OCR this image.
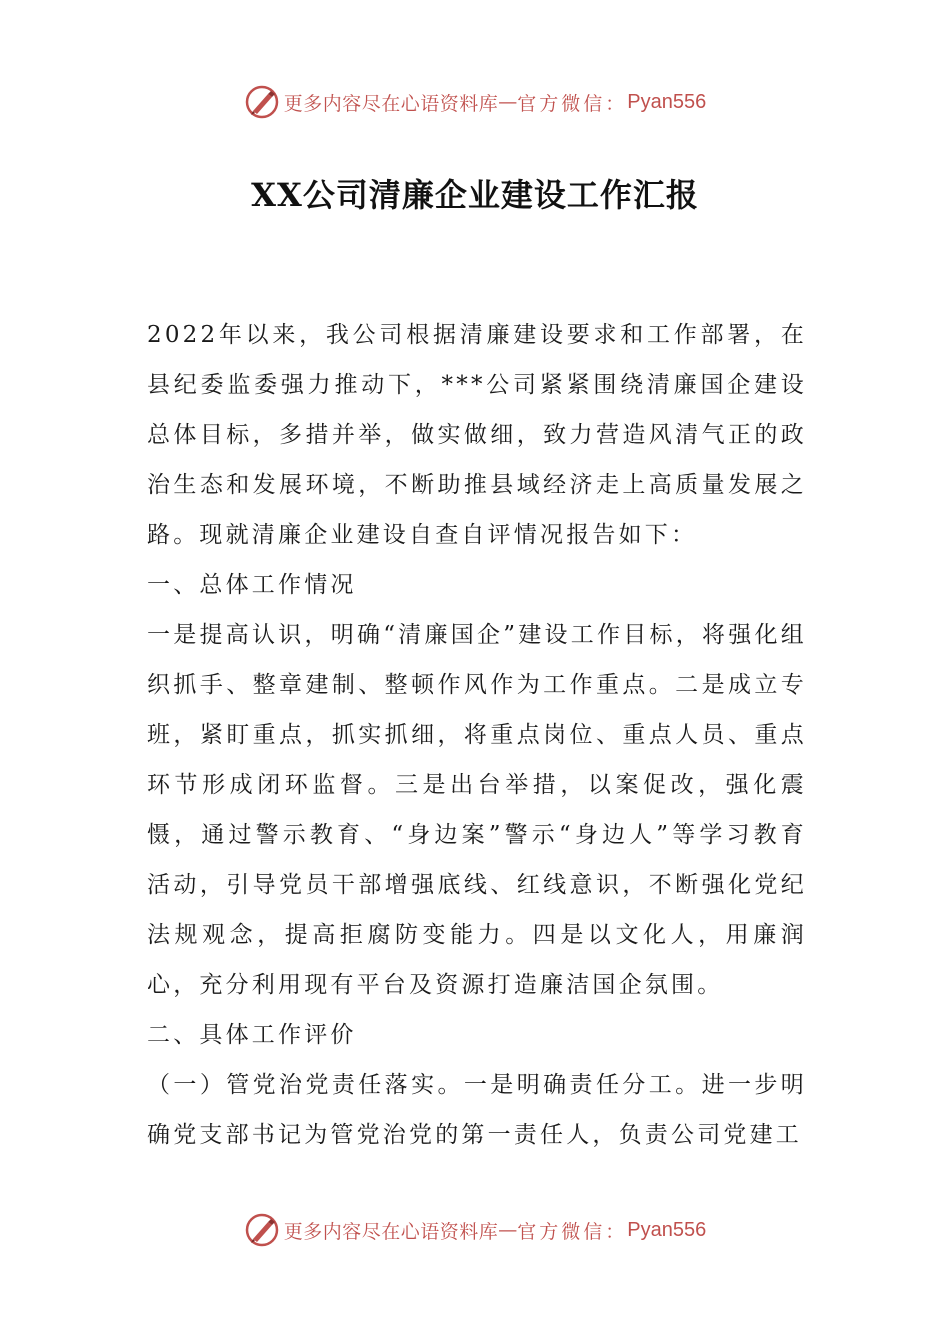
更多内容尽在心语资料库 — 官方微信： Pyan556
XX公司清廉企业建设工作汇报

2022年以来，我公司根据清廉建设要求和工作部署，在县纪委监委强力推动下，***公司紧紧围绕清廉国企建设总体目标，多措并举，做实做细，致力营造风清气正的政治生态和发展环境，不断助推县域经济走上高质量发展之路。现就清廉企业建设自查自评情况报告如下：

一、总体工作情况

一是提高认识，明确“清廉国企”建设工作目标，将强化组织抓手、整章建制、整顿作风作为工作重点。二是成立专班，紧盯重点，抓实抓细，将重点岗位、重点人员、重点环节形成闭环监督。三是出台举措，以案促改，强化震慑，通过警示教育、“身边案”警示“身边人”等学习教育活动，引导党员干部增强底线、红线意识，不断强化党纪法规观念，提高拒腐防变能力。四是以文化人，用廉润心，充分利用现有平台及资源打造廉洁国企氛围。

二、具体工作评价

（一）管党治党责任落实。一是明确责任分工。进一步明确党支部书记为管党治党的第一责任人，负责公司党建工

更多内容尽在心语资料库 — 官方微信： Pyan556
